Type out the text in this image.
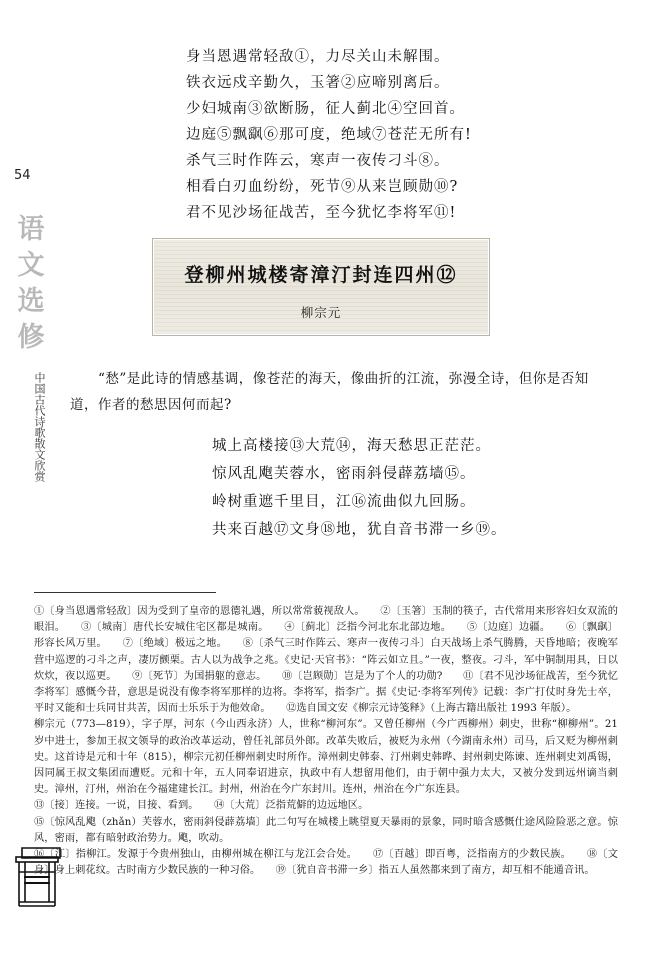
54
语
文
选
修
中国古代诗歌散文欣赏
身当恩遇常轻敌①，力尽关山未解围。
铁衣远戍辛勤久，玉箸②应啼别离后。
少妇城南③欲断肠，征人蓟北④空回首。
边庭⑤飘飖⑥那可度，绝域⑦苍茫无所有!
杀气三时作阵云，寒声一夜传刁斗⑧。
相看白刃血纷纷，死节⑨从来岂顾勋⑩?
君不见沙场征战苦，至今犹忆李将军⑪!
登柳州城楼寄漳汀封连四州⑫
柳宗元
“愁”是此诗的情感基调，像苍茫的海天，像曲折的江流，弥漫全诗，但你是否知道，作者的愁思因何而起?
城上高楼接⑬大荒⑭，海天愁思正茫茫。
惊风乱飑芙蓉水，密雨斜侵薜荔墙⑮。
岭树重遮千里目，江⑯流曲似九回肠。
共来百越⑰文身⑱地，犹自音书滞一乡⑲。

①〔身当恩遇常轻敌〕因为受到了皇帝的恩德礼遇，所以常常藐视敌人。　　②〔玉箸〕玉制的筷子，古代常用来形容妇女双流的眼泪。　　③〔城南〕唐代长安城住宅区都是城南。　　④〔蓟北〕泛指今河北东北部边地。　　⑤〔边庭〕边疆。　　⑥〔飘飖〕形容长风万里。　　⑦〔绝域〕极远之地。　　⑧〔杀气三时作阵云、寒声一夜传刁斗〕白天战场上杀气腾腾，天昏地暗；夜晚军营中巡逻的刁斗之声，凄厉颤栗。古人以为战争之兆。《史记·天官书》：“阵云如立且。”一夜，整夜。刁斗，军中铜制用具，日以炊炊，夜以巡更。　　⑨〔死节〕为国捐躯的意志。　　⑩〔岂顾勋〕岂是为了个人的功勋?　　⑪〔君不见沙场征战苦，至今犹忆李将军〕感慨今昔，意思是说没有像李将军那样的边将。李将军，指李广。据《史记·李将军列传》记载：李广打仗时身先士卒，平时又能和士兵同甘共苦，因而士乐乐于为他效命。　　⑫选自国文安《柳宗元诗笺释》（上海古籍出版社 1993 年版）。

柳宗元（773—819），字子厚，河东（今山西永济）人，世称“柳河东”。又曾任柳州（今广西柳州）刺史，世称“柳柳州”。21 岁中进士，参加王叔文领导的政治改革运动，曾任礼部员外郎。改革失败后，被贬为永州（今湖南永州）司马，后又贬为柳州刺史。这首诗是元和十年（815），柳宗元初任柳州刺史时所作。漳州刺史韩泰、汀州刺史韩晔、封州刺史陈谏、连州刺史刘禹锡，因同属王叔文集团而遭贬。元和十年，五人同奉诏进京，执政中有人想留用他们，由于朝中强力太大，又被分发到远州谪当刺史。漳州，汀州，州治在今福建建长江。封州，州治在今广东封川。连州，州治在今广东连县。

⑬〔接〕连接。一说，目接、看到。　　⑭〔大荒〕泛指荒僻的边远地区。

⑮〔惊风乱飑（zhǎn）芙蓉水，密雨斜侵薜荔墙〕此二句写在城楼上眺望夏天暴雨的景象，同时暗含感慨仕途风险险恶之意。惊风，密雨，都有暗射政治势力。飑，吹动。

⑯〔江〕指柳江。发源于今贵州独山，由柳州城在柳江与龙江会合处。　　⑰〔百越〕即百粤，泛指南方的少数民族。　　⑱〔文身〕身上刺花纹。古时南方少数民族的一种习俗。　　⑲〔犹自音书滞一乡〕指五人虽然都来到了南方，却互相不能通音讯。
